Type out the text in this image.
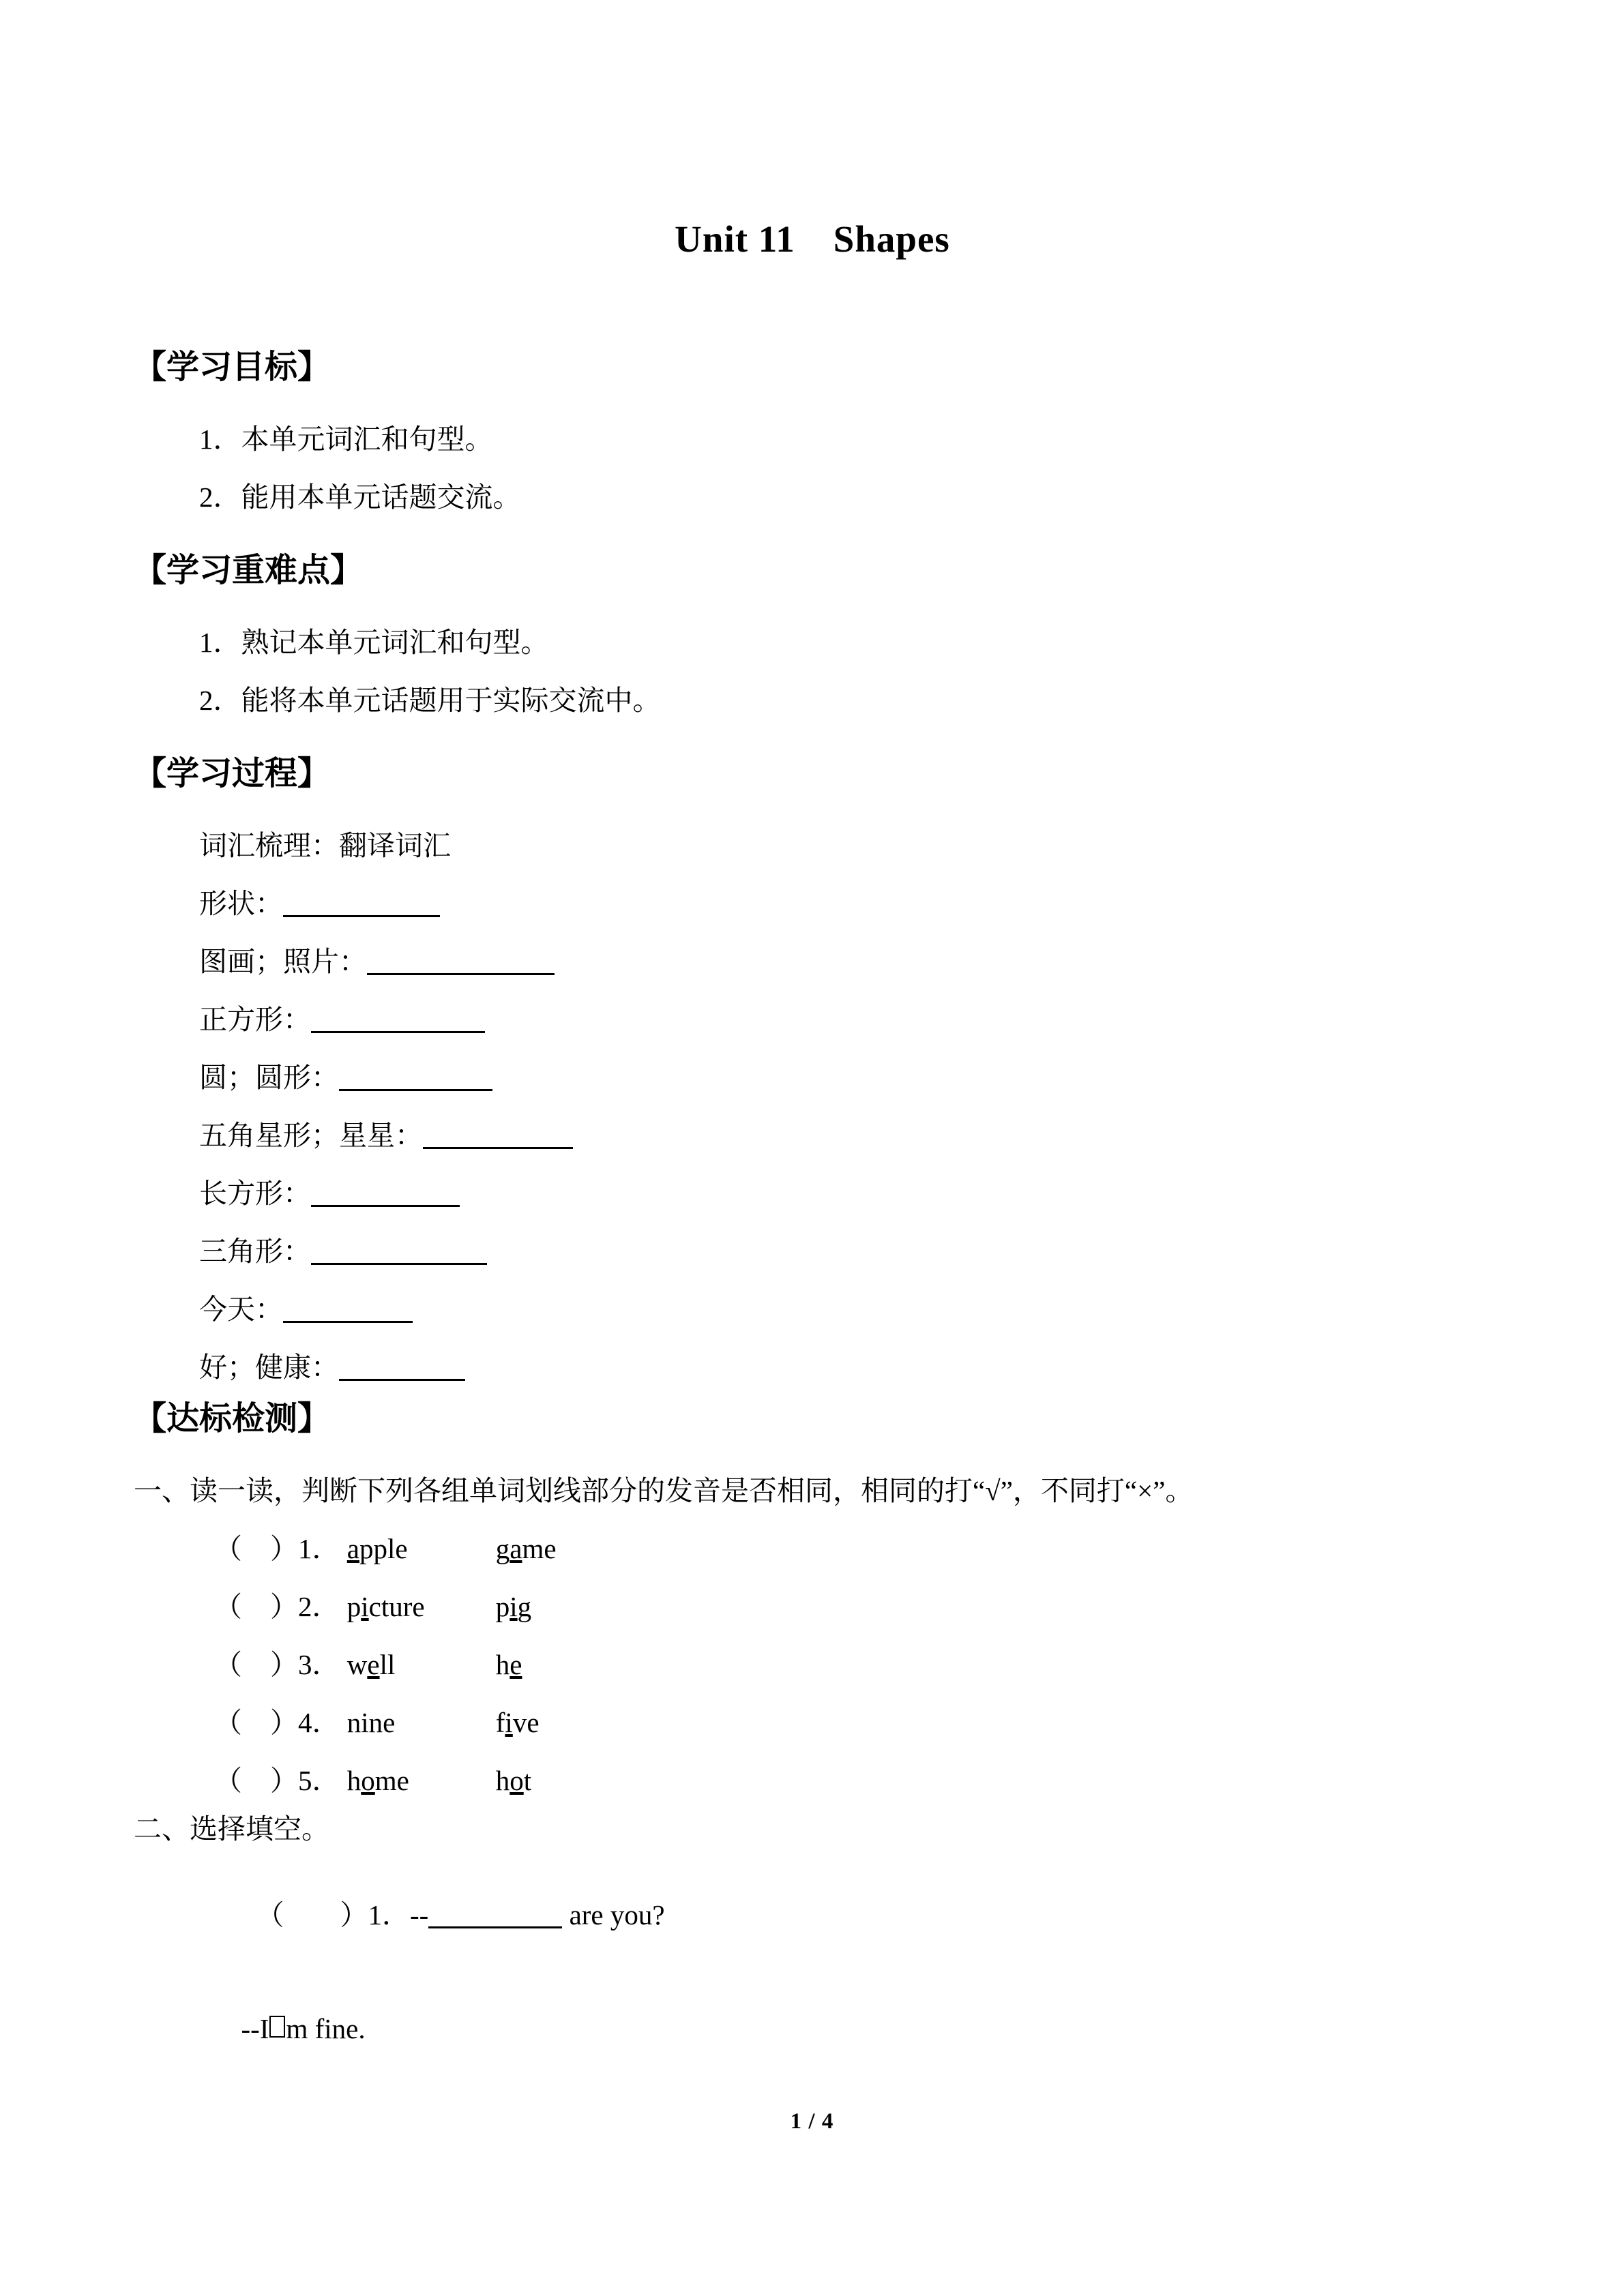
Unit 11　Shapes
【学习目标】
1．本单元词汇和句型。
2．能用本单元话题交流。
【学习重难点】
1．熟记本单元词汇和句型。
2．能将本单元话题用于实际交流中。
【学习过程】
词汇梳理：翻译词汇
形状：
图画；照片：
正方形：
圆；圆形：
五角星形；星星：
长方形：
三角形：
今天：
好；健康：
【达标检测】
一、读一读，判断下列各组单词划线部分的发音是否相同，相同的打“√”，不同打“×”。
（　）1． apple	game
（　）2． picture	pig
（　）3． well	he
（　）4． nine	five
（　）5． home	hot
二、选择填空。

（　　）1．--	are you?

--I m fine.

1 / 4
